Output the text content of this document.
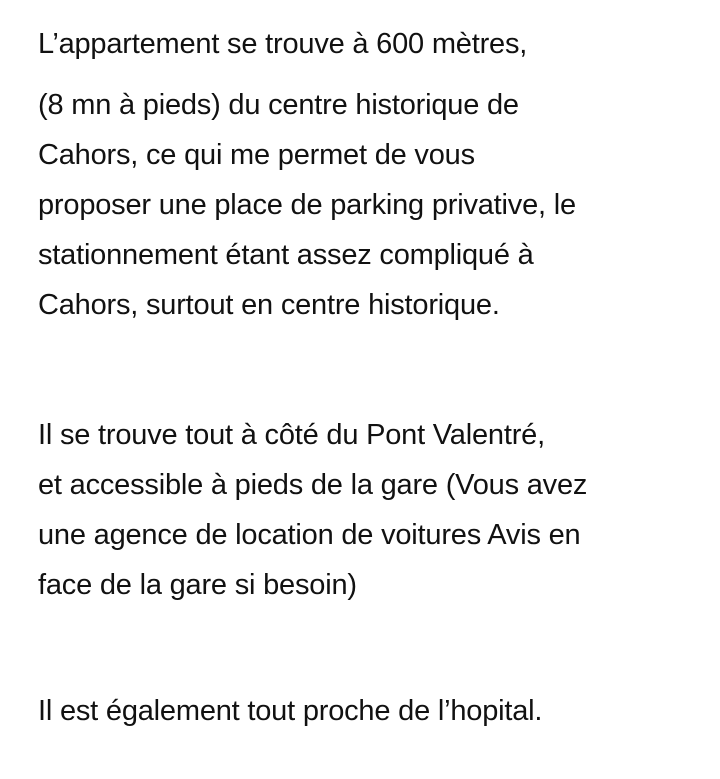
L’appartement se trouve à 600 mètres,
(8 mn à pieds) du centre historique de
Cahors, ce qui me permet de vous
proposer une place de parking privative, le
stationnement étant assez compliqué à
Cahors, surtout en centre historique.
Il se trouve tout à côté du Pont Valentré,
et accessible à pieds de la gare (Vous avez
une agence de location de voitures Avis en
face de la gare si besoin)
Il est également tout proche de l’hopital.
